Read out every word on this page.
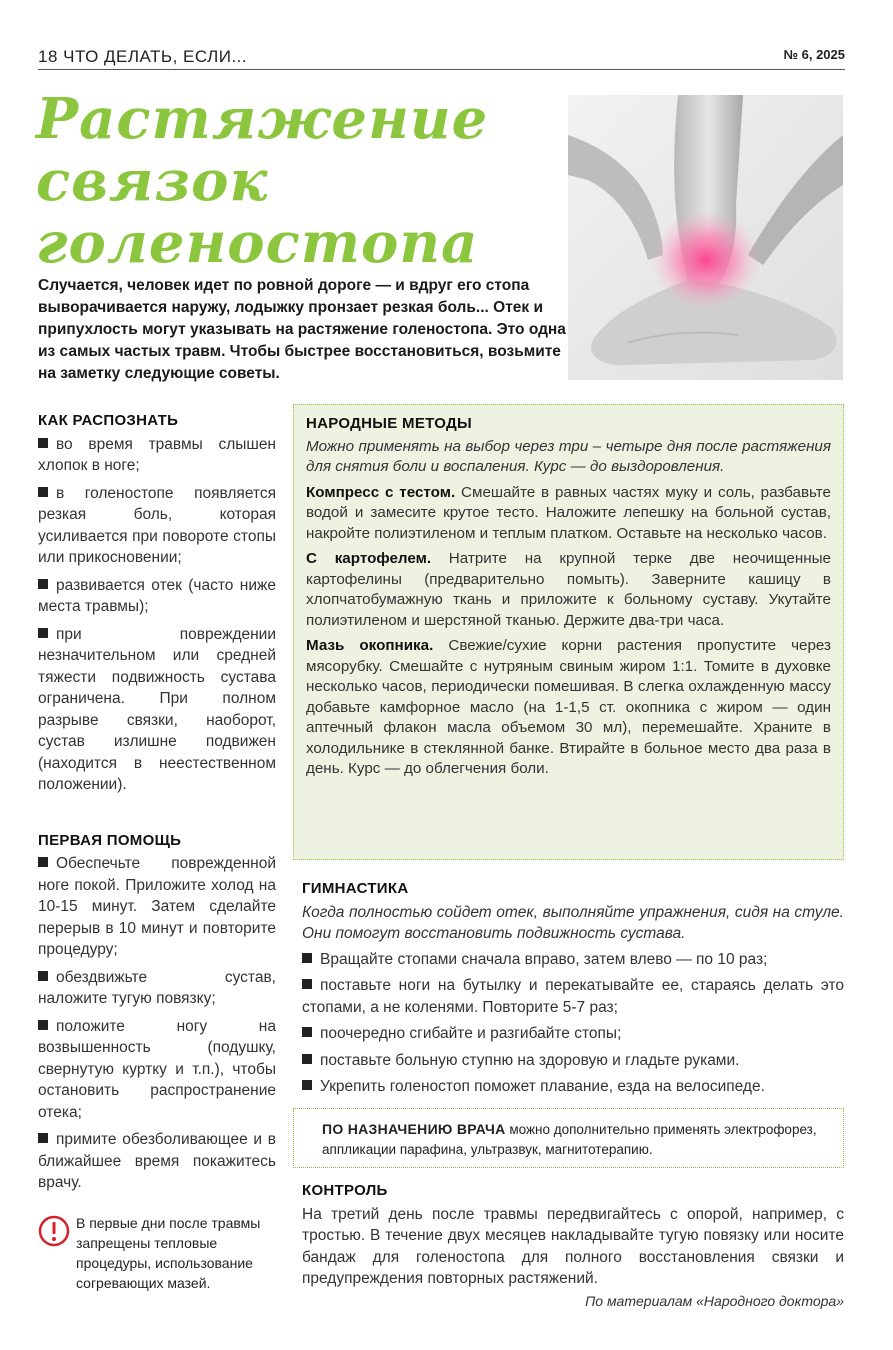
18 ЧТО ДЕЛАТЬ, ЕСЛИ...	№ 6, 2025
Растяжение
связок
голеностопа
Случается, человек идет по ровной дороге — и вдруг его стопа выворачивается наружу, лодыжку пронзает резкая боль... Отек и припухлость могут указывать на растяжение голеностопа. Это одна из самых частых травм. Чтобы быстрее восстановиться, возьмите на заметку следующие советы.
КАК РАСПОЗНАТЬ
во время травмы слышен хлопок в ноге;
в голеностопе появляется резкая боль, которая усиливается при повороте стопы или прикосновении;
развивается отек (часто ниже места травмы);
при повреждении незначительном или средней тяжести подвижность сустава ограничена. При полном разрыве связки, наоборот, сустав излишне подвижен (находится в неестественном положении).
ПЕРВАЯ ПОМОЩЬ
Обеспечьте поврежденной ноге покой. Приложите холод на 10-15 минут. Затем сделайте перерыв в 10 минут и повторите процедуру;
обездвижьте сустав, наложите тугую повязку;
положите ногу на возвышенность (подушку, свернутую куртку и т.п.), чтобы остановить распространение отека;
примите обезболивающее и в ближайшее время покажитесь врачу.
В первые дни после травмы запрещены тепловые процедуры, использование согревающих мазей.
НАРОДНЫЕ МЕТОДЫ
Можно применять на выбор через три – четыре дня после растяжения для снятия боли и воспаления. Курс — до выздоровления.

Компресс с тестом. Смешайте в равных частях муку и соль, разбавьте водой и замесите крутое тесто. Наложите лепешку на больной сустав, накройте полиэтиленом и теплым платком. Оставьте на несколько часов.

С картофелем. Натрите на крупной терке две неочищенные картофелины (предварительно помыть). Заверните кашицу в хлопчатобумажную ткань и приложите к больному суставу. Укутайте полиэтиленом и шерстяной тканью. Держите два-три часа.

Мазь окопника. Свежие/сухие корни растения пропустите через мясорубку. Смешайте с нутряным свиным жиром 1:1. Томите в духовке несколько часов, периодически помешивая. В слегка охлажденную массу добавьте камфорное масло (на 1-1,5 ст. окопника с жиром — один аптечный флакон масла объемом 30 мл), перемешайте. Храните в холодильнике в стеклянной банке. Втирайте в больное место два раза в день. Курс — до облегчения боли.

ГИМНАСТИКА
Когда полностью сойдет отек, выполняйте упражнения, сидя на стуле. Они помогут восстановить подвижность сустава.
Вращайте стопами сначала вправо, затем влево — по 10 раз;
поставьте ноги на бутылку и перекатывайте ее, стараясь делать это стопами, а не коленями. Повторите 5-7 раз;
поочередно сгибайте и разгибайте стопы;
поставьте больную ступню на здоровую и гладьте руками.
Укрепить голеностоп поможет плавание, езда на велосипеде.
ПО НАЗНАЧЕНИЮ ВРАЧА можно дополнительно применять электрофорез, аппликации парафина, ультразвук, магнитотерапию.
КОНТРОЛЬ

На третий день после травмы передвигайтесь с опорой, например, с тростью. В течение двух месяцев накладывайте тугую повязку или носите бандаж для голеностопа для полного восстановления связки и предупреждения повторных растяжений.

По материалам «Народного доктора»
